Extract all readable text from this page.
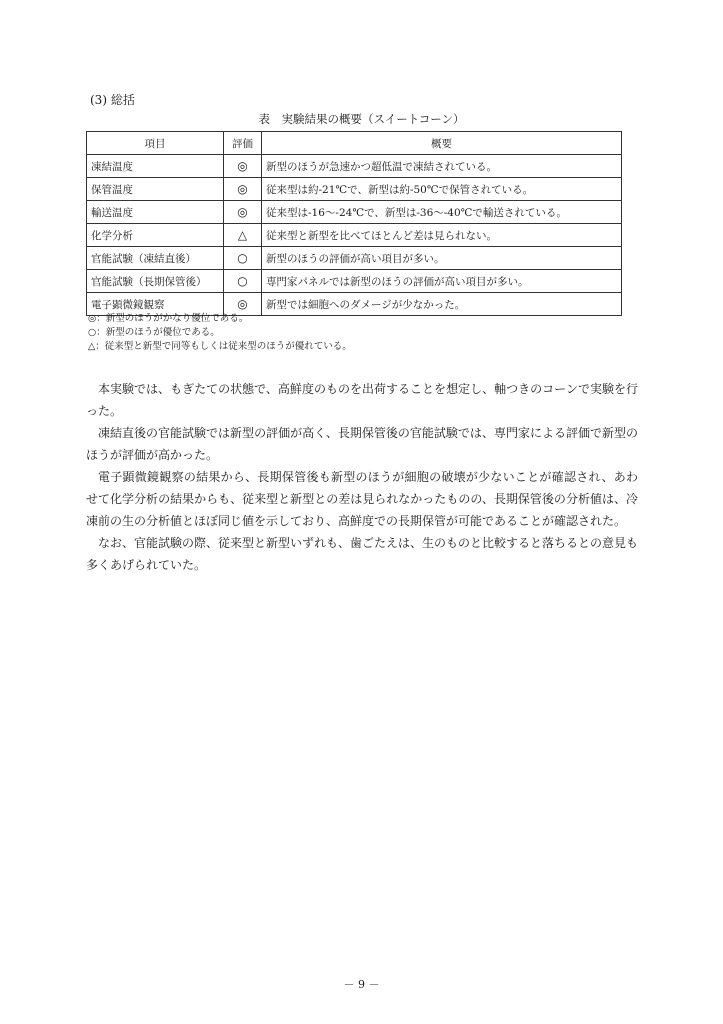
(3) 総括
表　実験結果の概要（スイートコーン）
項目	評価	概要
凍結温度	◎	新型のほうが急速かつ超低温で凍結されている。
保管温度	◎	従来型は約-21℃で、新型は約-50℃で保管されている。
輸送温度	◎	従来型は-16～-24℃で、新型は-36～-40℃で輸送されている。
化学分析	△	従来型と新型を比べてほとんど差は見られない。
官能試験（凍結直後）	○	新型のほうの評価が高い項目が多い。
官能試験（長期保管後）	○	専門家パネルでは新型のほうの評価が高い項目が多い。
電子顕微鏡観察	◎	新型では細胞へのダメージが少なかった。
◎：新型のほうがかなり優位である。
○：新型のほうが優位である。
△：従来型と新型で同等もしくは従来型のほうが優れている。

本実験では、もぎたての状態で、高鮮度のものを出荷することを想定し、軸つきのコーンで実験を行った。

凍結直後の官能試験では新型の評価が高く、長期保管後の官能試験では、専門家による評価で新型のほうが評価が高かった。

電子顕微鏡観察の結果から、長期保管後も新型のほうが細胞の破壊が少ないことが確認され、あわせて化学分析の結果からも、従来型と新型との差は見られなかったものの、長期保管後の分析値は、冷凍前の生の分析値とほぼ同じ値を示しており、高鮮度での長期保管が可能であることが確認された。

なお、官能試験の際、従来型と新型いずれも、歯ごたえは、生のものと比較すると落ちるとの意見も多くあげられていた。

－ 9 －
